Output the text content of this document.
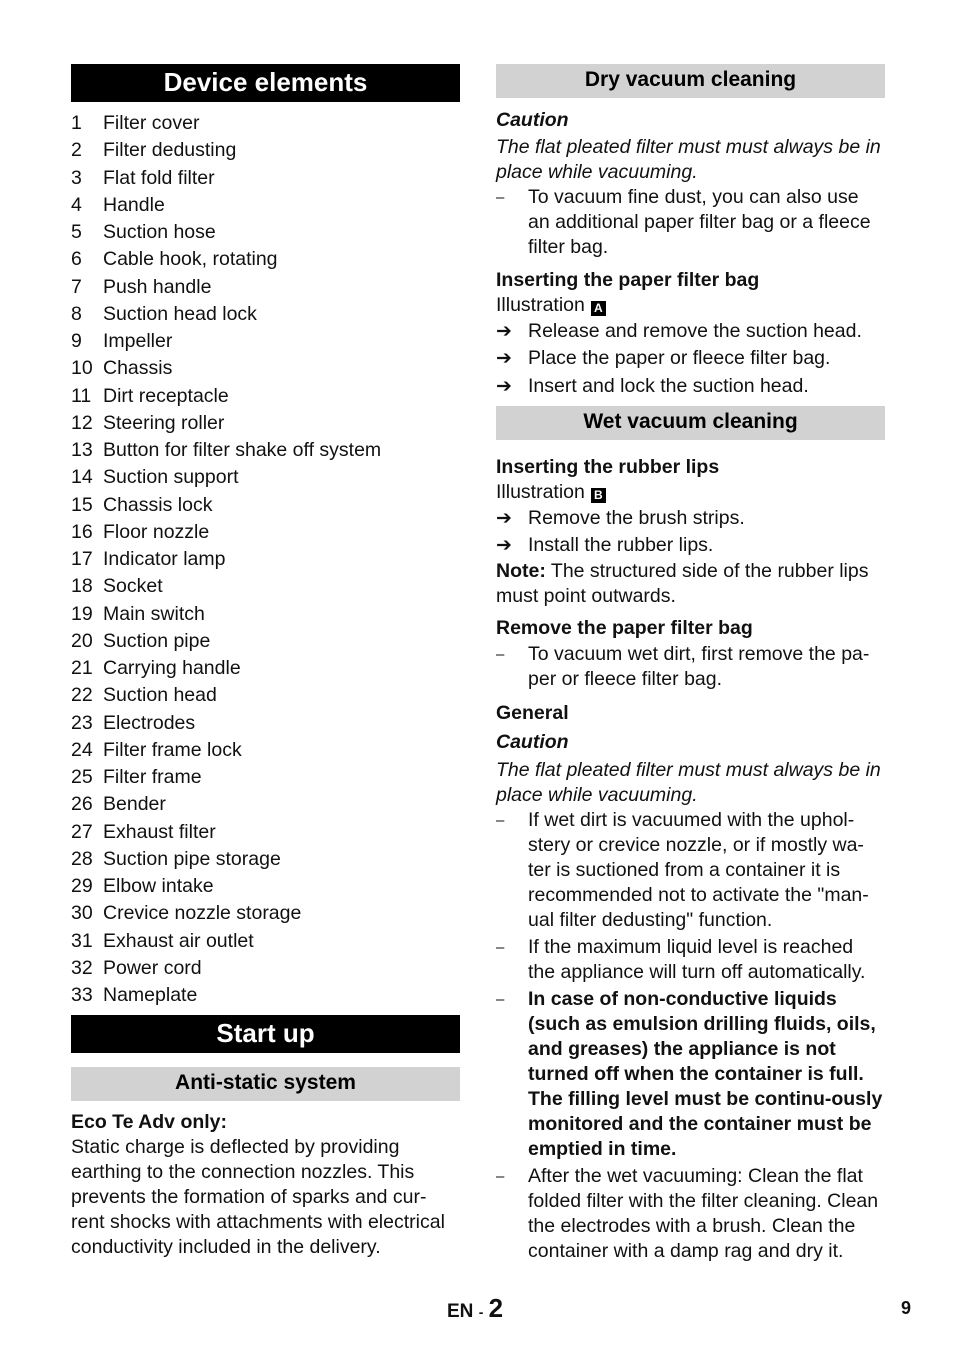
Device elements
1	Filter cover
2	Filter dedusting
3	Flat fold filter
4	Handle
5	Suction hose
6	Cable hook, rotating
7	Push handle
8	Suction head lock
9	Impeller
10 Chassis
11 Dirt receptacle
12 Steering roller
13 Button for filter shake off system
14 Suction support
15 Chassis lock
16 Floor nozzle
17 Indicator lamp
18 Socket
19 Main switch
20 Suction pipe
21 Carrying handle
22 Suction head
23 Electrodes
24 Filter frame lock
25 Filter frame
26 Bender
27 Exhaust filter
28 Suction pipe storage
29 Elbow intake
30 Crevice nozzle storage
31 Exhaust air outlet
32 Power cord
33 Nameplate
Start up
Anti-static system

Eco Te Adv only:

Static charge is deflected by providing earthing to the connection nozzles. This prevents the formation of sparks and cur-rent shocks with attachments with electrical conductivity included in the delivery.

Dry vacuum cleaning

Caution

The flat pleated filter must must always be in place while vacuuming.

–	To vacuum fine dust, you can also use an additional paper filter bag or a fleece filter bag.

Inserting the paper filter bag

Illustration A

➔ Release and remove the suction head.
➔ Place the paper or fleece filter bag.
➔ Insert and lock the suction head.
Wet vacuum cleaning

Inserting the rubber lips

Illustration B

➔ Remove the brush strips.
➔ Install the rubber lips.

Note: The structured side of the rubber lips must point outwards.

Remove the paper filter bag

–	To vacuum wet dirt, first remove the pa-per or fleece filter bag.

General

Caution

The flat pleated filter must must always be in place while vacuuming.

–	If wet dirt is vacuumed with the uphol-stery or crevice nozzle, or if mostly wa-ter is suctioned from a container it is recommended not to activate the "man-ual filter dedusting" function.
–	If the maximum liquid level is reached the appliance will turn off automatically.
–	In case of non-conductive liquids (such as emulsion drilling fluids, oils, and greases) the appliance is not turned off when the container is full. The filling level must be continu-ously monitored and the container must be emptied in time.
–	After the wet vacuuming: Clean the flat folded filter with the filter cleaning. Clean the electrodes with a brush. Clean the container with a damp rag and dry it.
EN - 2	9
